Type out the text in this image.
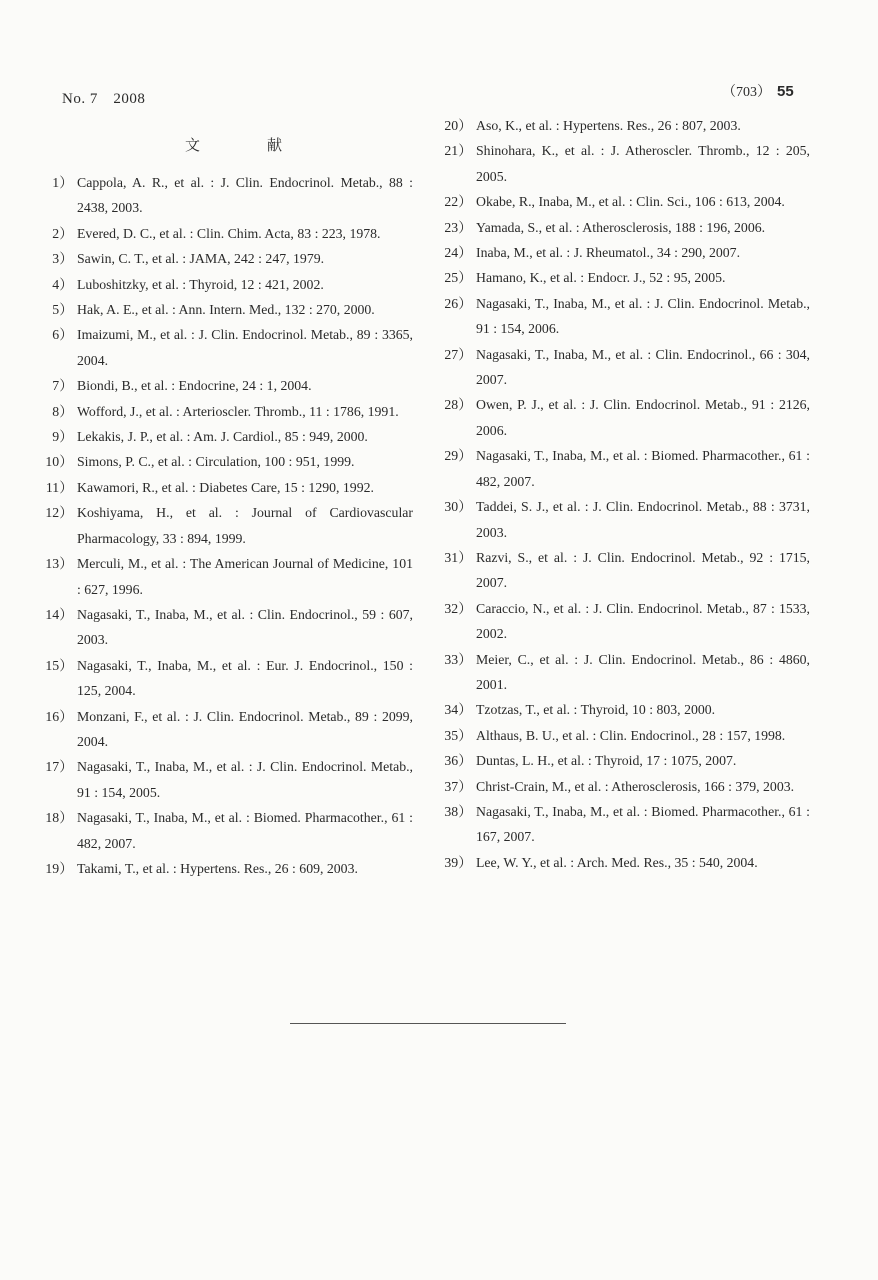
No. 7　2008	（703） 55
文　献
1） Cappola, A. R., et al. : J. Clin. Endocrinol. Metab., 88 : 2438, 2003.
2） Evered, D. C., et al. : Clin. Chim. Acta, 83 : 223, 1978.
3） Sawin, C. T., et al. : JAMA, 242 : 247, 1979.
4） Luboshitzky, et al. : Thyroid, 12 : 421, 2002.
5） Hak, A. E., et al. : Ann. Intern. Med., 132 : 270, 2000.
6） Imaizumi, M., et al. : J. Clin. Endocrinol. Metab., 89 : 3365, 2004.
7） Biondi, B., et al. : Endocrine, 24 : 1, 2004.
8） Wofford, J., et al. : Arterioscler. Thromb., 11 : 1786, 1991.
9） Lekakis, J. P., et al. : Am. J. Cardiol., 85 : 949, 2000.
10） Simons, P. C., et al. : Circulation, 100 : 951, 1999.
11） Kawamori, R., et al. : Diabetes Care, 15 : 1290, 1992.
12） Koshiyama, H., et al. : Journal of Cardiovascular Pharmacology, 33 : 894, 1999.
13） Merculi, M., et al. : The American Journal of Medicine, 101 : 627, 1996.
14） Nagasaki, T., Inaba, M., et al. : Clin. Endocrinol., 59 : 607, 2003.
15） Nagasaki, T., Inaba, M., et al. : Eur. J. Endocrinol., 150 : 125, 2004.
16） Monzani, F., et al. : J. Clin. Endocrinol. Metab., 89 : 2099, 2004.
17） Nagasaki, T., Inaba, M., et al. : J. Clin. Endocrinol. Metab., 91 : 154, 2005.
18） Nagasaki, T., Inaba, M., et al. : Biomed. Pharmacother., 61 : 482, 2007.
19） Takami, T., et al. : Hypertens. Res., 26 : 609, 2003.
20） Aso, K., et al. : Hypertens. Res., 26 : 807, 2003.
21） Shinohara, K., et al. : J. Atheroscler. Thromb., 12 : 205, 2005.
22） Okabe, R., Inaba, M., et al. : Clin. Sci., 106 : 613, 2004.
23） Yamada, S., et al. : Atherosclerosis, 188 : 196, 2006.
24） Inaba, M., et al. : J. Rheumatol., 34 : 290, 2007.
25） Hamano, K., et al. : Endocr. J., 52 : 95, 2005.
26） Nagasaki, T., Inaba, M., et al. : J. Clin. Endocrinol. Metab., 91 : 154, 2006.
27） Nagasaki, T., Inaba, M., et al. : Clin. Endocrinol., 66 : 304, 2007.
28） Owen, P. J., et al. : J. Clin. Endocrinol. Metab., 91 : 2126, 2006.
29） Nagasaki, T., Inaba, M., et al. : Biomed. Pharmacother., 61 : 482, 2007.
30） Taddei, S. J., et al. : J. Clin. Endocrinol. Metab., 88 : 3731, 2003.
31） Razvi, S., et al. : J. Clin. Endocrinol. Metab., 92 : 1715, 2007.
32） Caraccio, N., et al. : J. Clin. Endocrinol. Metab., 87 : 1533, 2002.
33） Meier, C., et al. : J. Clin. Endocrinol. Metab., 86 : 4860, 2001.
34） Tzotzas, T., et al. : Thyroid, 10 : 803, 2000.
35） Althaus, B. U., et al. : Clin. Endocrinol., 28 : 157, 1998.
36） Duntas, L. H., et al. : Thyroid, 17 : 1075, 2007.
37） Christ-Crain, M., et al. : Atherosclerosis, 166 : 379, 2003.
38） Nagasaki, T., Inaba, M., et al. : Biomed. Pharmacother., 61 : 167, 2007.
39） Lee, W. Y., et al. : Arch. Med. Res., 35 : 540, 2004.
